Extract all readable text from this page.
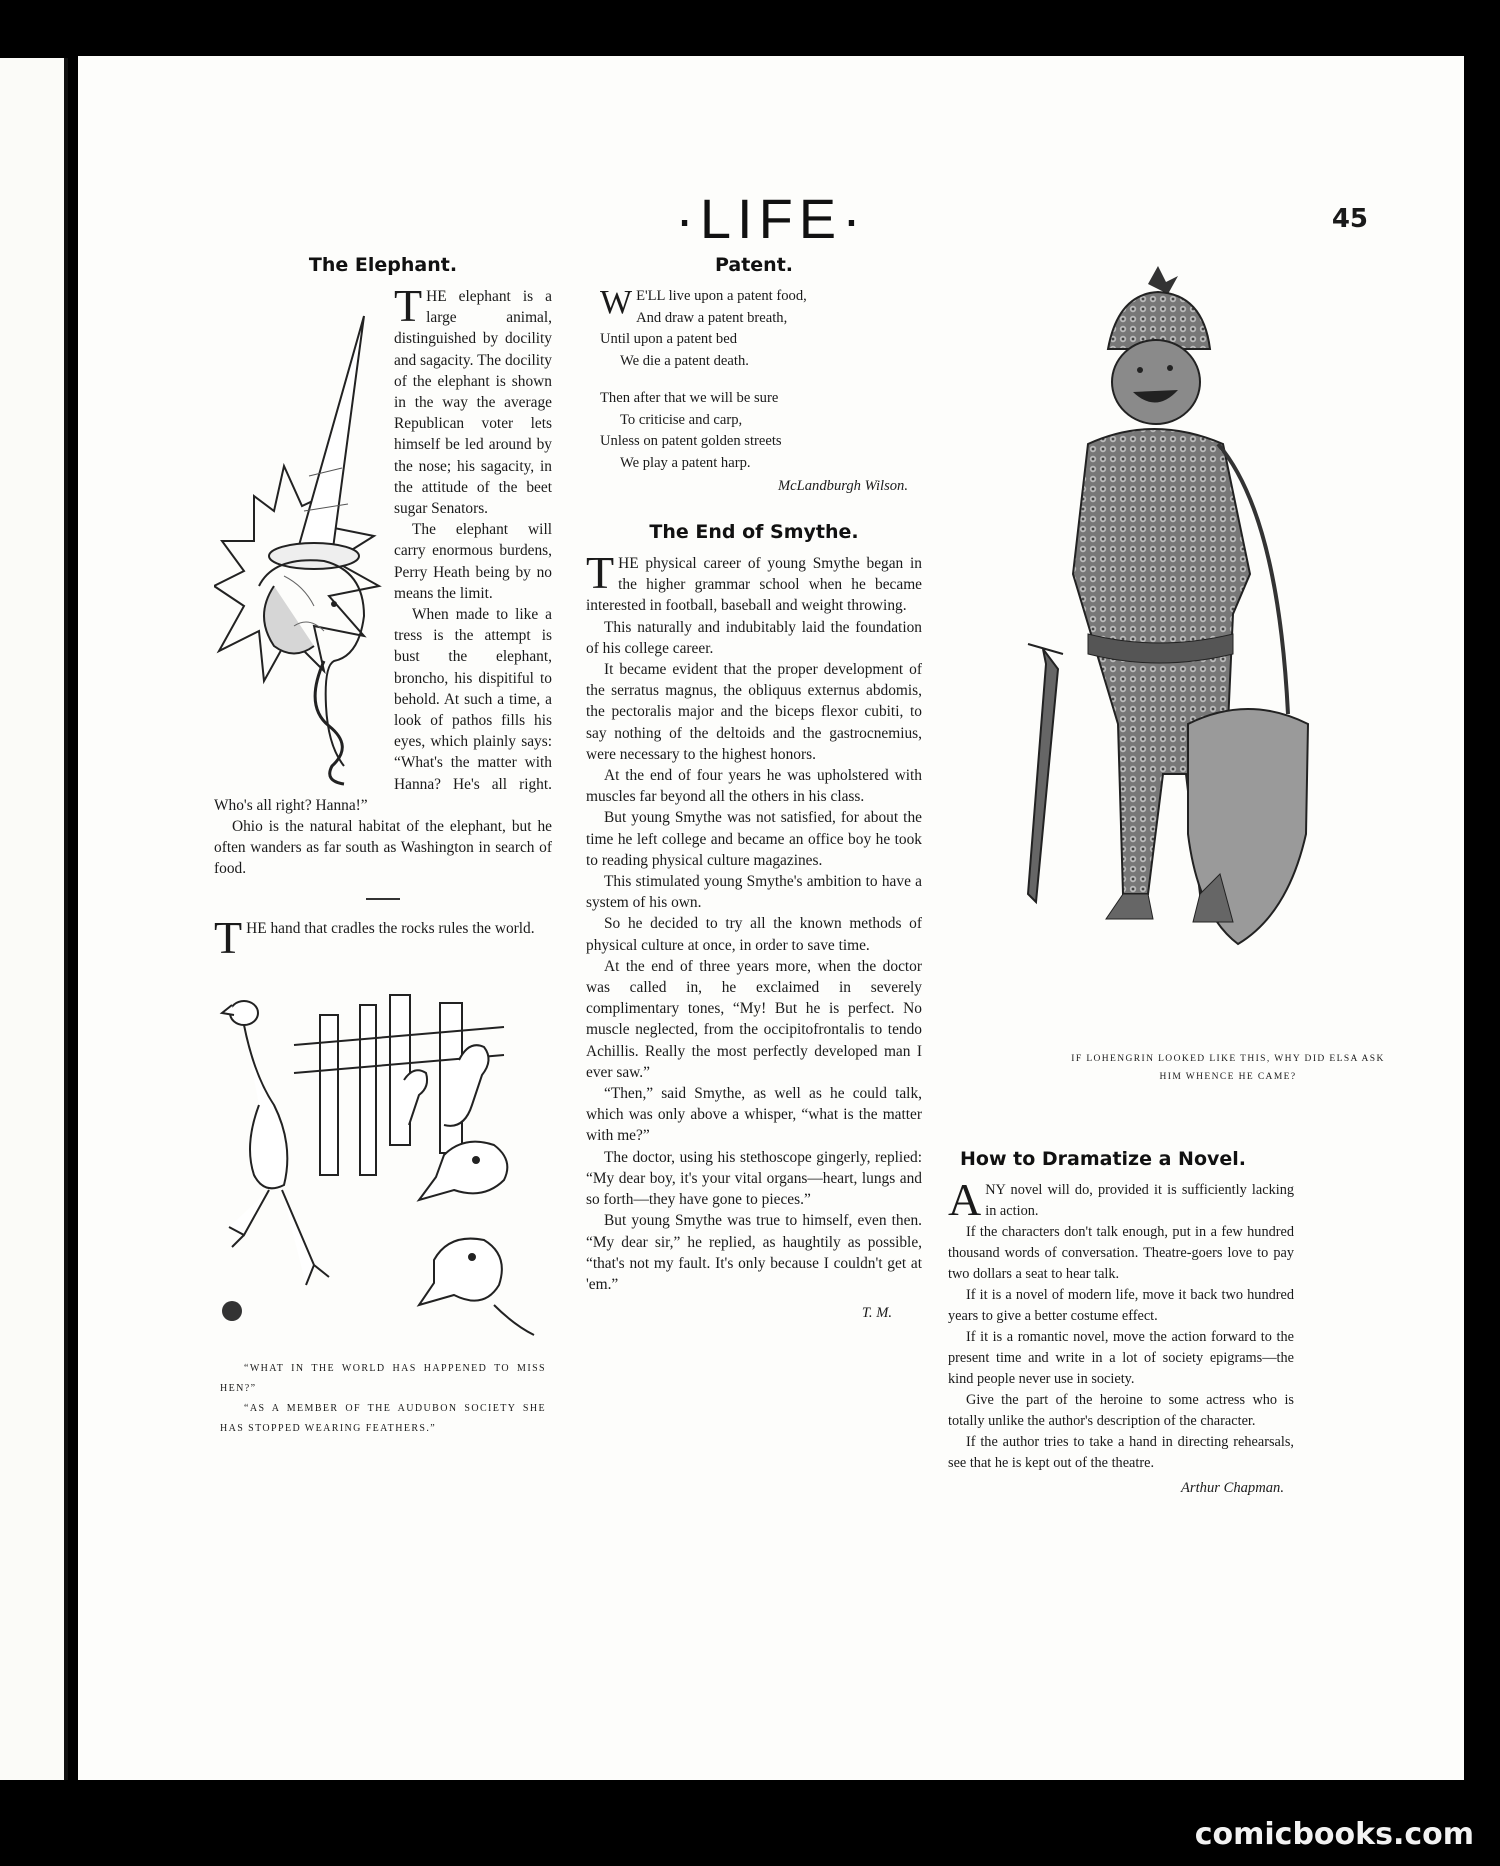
·LIFE·	45
The Elephant.

THE elephant is a large animal, distinguished by docility and sagacity. The docility of the elephant is shown in the way the average Republican voter lets himself be led around by the nose; his sagacity, in the attitude of the beet sugar Senators.

The elephant will carry enormous burdens, Perry Heath being by no means the limit.

When made to like a tress is the attempt is bust the elephant, broncho, his dispitiful to behold. At such a time, a look of pathos fills his eyes, which plainly says: “What's the matter with Hanna? He's all right. Who's all right? Hanna!”

Ohio is the natural habitat of the elephant, but he often wanders as far south as Washington in search of food.

THE hand that cradles the rocks rules the world.

“WHAT IN THE WORLD HAS HAPPENED TO MISS HEN?”
“AS A MEMBER OF THE AUDUBON SOCIETY SHE HAS STOPPED WEARING FEATHERS.”
Patent.
W E'LL live upon a patent food,
And draw a patent breath,
Until upon a patent bed
We die a patent death.
Then after that we will be sure
To criticise and carp,
Unless on patent golden streets
We play a patent harp.
McLandburgh Wilson.
The End of Smythe.

THE physical career of young Smythe began in the higher grammar school when he became interested in football, baseball and weight throwing.

This naturally and indubitably laid the foundation of his college career.

It became evident that the proper development of the serratus magnus, the obliquus externus abdomis, the pectoralis major and the biceps flexor cubiti, to say nothing of the deltoids and the gastrocnemius, were necessary to the highest honors.

At the end of four years he was upholstered with muscles far beyond all the others in his class.

But young Smythe was not satisfied, for about the time he left college and became an office boy he took to reading physical culture magazines.

This stimulated young Smythe's ambition to have a system of his own.

So he decided to try all the known methods of physical culture at once, in order to save time.

At the end of three years more, when the doctor was called in, he exclaimed in severely complimentary tones, “My! But he is perfect. No muscle neglected, from the occipitofrontalis to tendo Achillis. Really the most perfectly developed man I ever saw.”

“Then,” said Smythe, as well as he could talk, which was only above a whisper, “what is the matter with me?”

The doctor, using his stethoscope gingerly, replied: “My dear boy, it's your vital organs—heart, lungs and so forth—they have gone to pieces.”

But young Smythe was true to himself, even then. “My dear sir,” he replied, as haughtily as possible, “that's not my fault. It's only because I couldn't get at 'em.”

T. M.
IF LOHENGRIN LOOKED LIKE THIS, WHY DID ELSA ASK HIM WHENCE HE CAME?
How to Dramatize a Novel.

ANY novel will do, provided it is sufficiently lacking in action.

If the characters don't talk enough, put in a few hundred thousand words of conversation. Theatre-goers love to pay two dollars a seat to hear talk.

If it is a novel of modern life, move it back two hundred years to give a better costume effect.

If it is a romantic novel, move the action forward to the present time and write in a lot of society epigrams—the kind people never use in society.

Give the part of the heroine to some actress who is totally unlike the author's description of the character.

If the author tries to take a hand in directing rehearsals, see that he is kept out of the theatre.

Arthur Chapman.
comicbooks.com
